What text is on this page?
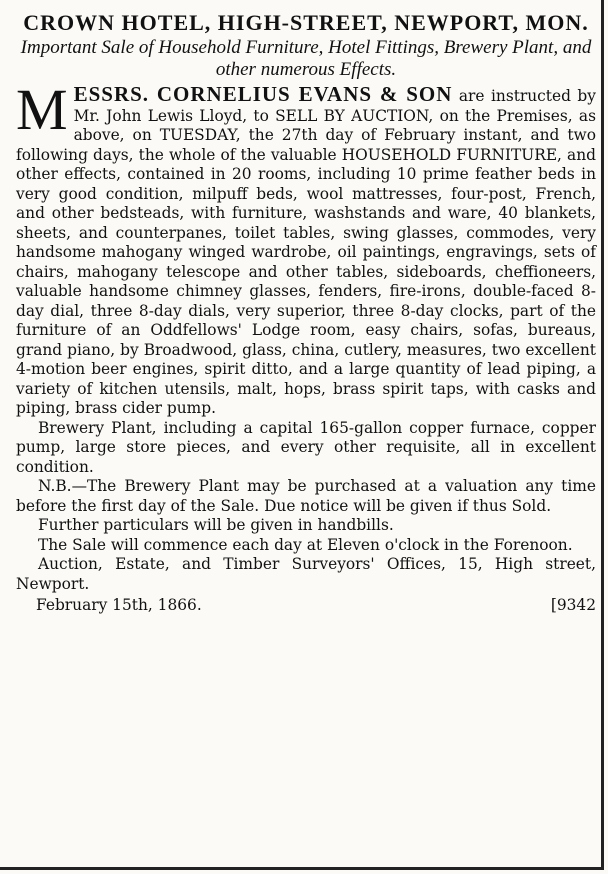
CROWN HOTEL, HIGH-STREET, NEWPORT, MON.

Important Sale of Household Furniture, Hotel Fittings, Brewery Plant, and other numerous Effects.

M ESSRS. CORNELIUS EVANS & SON are instructed by Mr. John Lewis Lloyd, to SELL BY AUCTION, on the Premises, as above, on TUESDAY, the 27th day of February instant, and two following days, the whole of the valuable HOUSEHOLD FURNITURE, and other effects, contained in 20 rooms, including 10 prime feather beds in very good condition, milpuff beds, wool mattresses, four-post, French, and other bedsteads, with furniture, washstands and ware, 40 blankets, sheets, and counterpanes, toilet tables, swing glasses, commodes, very handsome mahogany winged wardrobe, oil paintings, engravings, sets of chairs, mahogany telescope and other tables, sideboards, cheffioneers, valuable handsome chimney glasses, fenders, fire-irons, double-faced 8-day dial, three 8-day dials, very superior, three 8-day clocks, part of the furniture of an Oddfellows' Lodge room, easy chairs, sofas, bureaus, grand piano, by Broadwood, glass, china, cutlery, measures, two excellent 4-motion beer engines, spirit ditto, and a large quantity of lead piping, a variety of kitchen utensils, malt, hops, brass spirit taps, with casks and piping, brass cider pump.

Brewery Plant, including a capital 165-gallon copper furnace, copper pump, large store pieces, and every other requisite, all in excellent condition.

N.B.—The Brewery Plant may be purchased at a valuation any time before the first day of the Sale. Due notice will be given if thus Sold.

Further particulars will be given in handbills.

The Sale will commence each day at Eleven o'clock in the Forenoon.

Auction, Estate, and Timber Surveyors' Offices, 15, High street, Newport.

February 15th, 1866.	[9342
